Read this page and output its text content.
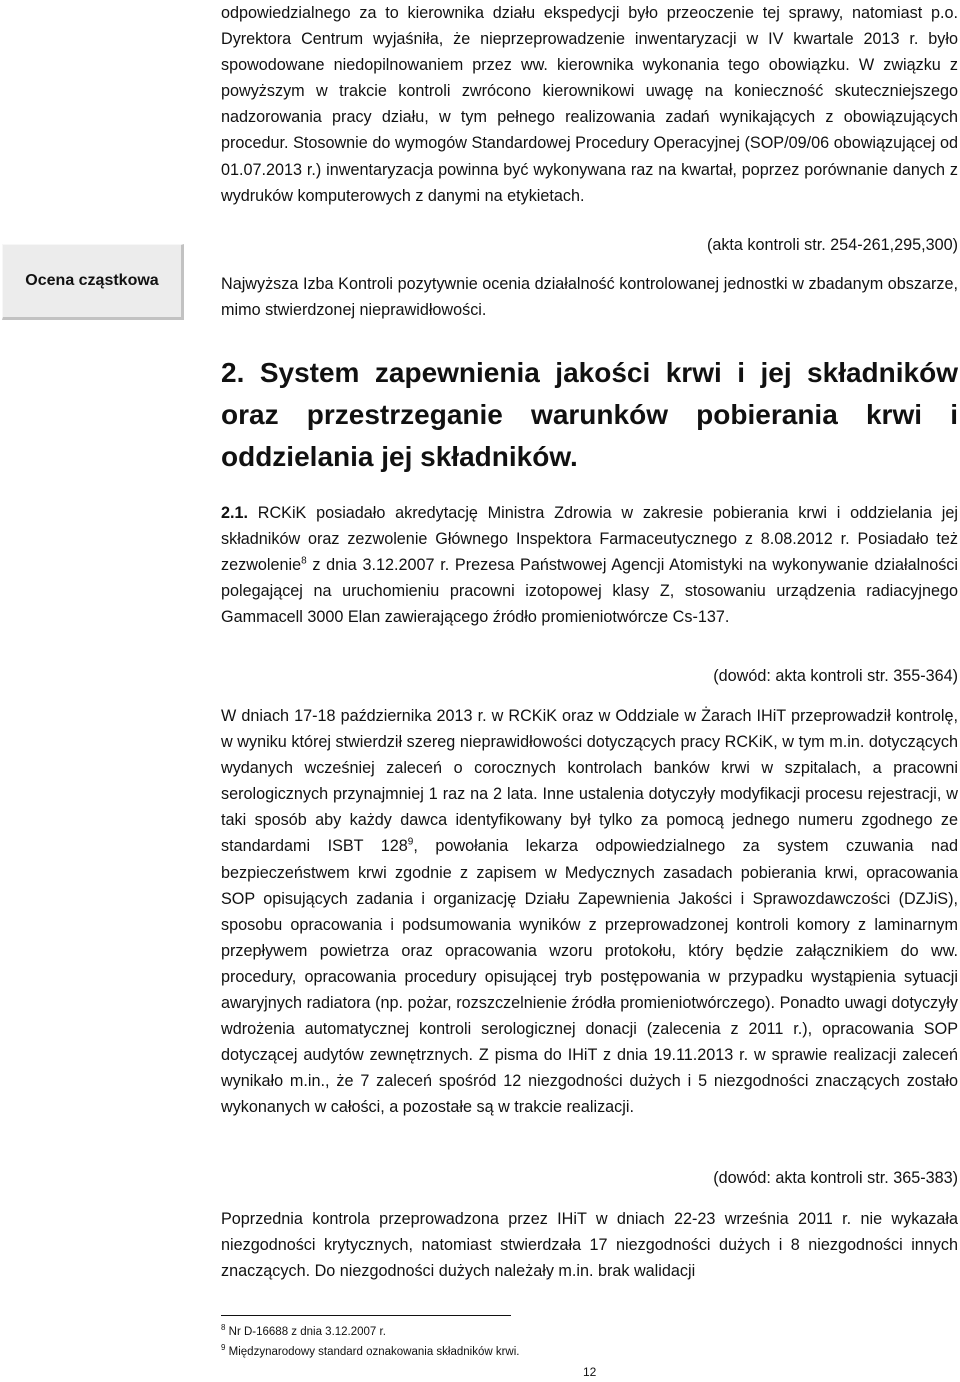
odpowiedzialnego za to kierownika działu ekspedycji było przeoczenie tej sprawy, natomiast p.o. Dyrektora Centrum wyjaśniła, że nieprzeprowadzenie inwentaryzacji w IV kwartale 2013 r. było spowodowane niedopilnowaniem przez ww. kierownika wykonania tego obowiązku. W związku z powyższym w trakcie kontroli zwrócono kierownikowi uwagę na konieczność skuteczniejszego nadzorowania pracy działu, w tym pełnego realizowania zadań wynikających z obowiązujących procedur. Stosownie do wymogów Standardowej Procedury Operacyjnej (SOP/09/06 obowiązującej od 01.07.2013 r.) inwentaryzacja powinna być wykonywana raz na kwartał, poprzez porównanie danych z wydruków komputerowych z danymi na etykietach.

(akta kontroli str. 254-261,295,300)

Ocena cząstkowa	Najwyższa Izba Kontroli pozytywnie ocenia działalność kontrolowanej jednostki w zbadanym obszarze, mimo stwierdzonej nieprawidłowości.

2. System zapewnienia jakości krwi i jej składników oraz przestrzeganie warunków pobierania krwi i oddzielania jej składników.

2.1. RCKiK posiadało akredytację Ministra Zdrowia w zakresie pobierania krwi i oddzielania jej składników oraz zezwolenie Głównego Inspektora Farmaceutycznego z 8.08.2012 r. Posiadało też zezwolenie$^8$ z dnia 3.12.2007 r. Prezesa Państwowej Agencji Atomistyki na wykonywanie działalności polegającej na uruchomieniu pracowni izotopowej klasy Z, stosowaniu urządzenia radiacyjnego Gammacell 3000 Elan zawierającego źródło promieniotwórcze Cs-137.

(dowód: akta kontroli str. 355-364)

W dniach 17-18 października 2013 r. w RCKiK oraz w Oddziale w Żarach IHiT przeprowadził kontrolę, w wyniku której stwierdził szereg nieprawidłowości dotyczących pracy RCKiK, w tym m.in. dotyczących wydanych wcześniej zaleceń o corocznych kontrolach banków krwi w szpitalach, a pracowni serologicznych przynajmniej 1 raz na 2 lata. Inne ustalenia dotyczyły modyfikacji procesu rejestracji, w taki sposób aby każdy dawca identyfikowany był tylko za pomocą jednego numeru zgodnego ze standardami ISBT $128^9$, powołania lekarza odpowiedzialnego za system czuwania nad bezpieczeństwem krwi zgodnie z zapisem w Medycznych zasadach pobierania krwi, opracowania SOP opisujących zadania i organizację Działu Zapewnienia Jakości i Sprawozdawczości (DZJiS), sposobu opracowania i podsumowania wyników z przeprowadzonej kontroli komory z laminarnym przepływem powietrza oraz opracowania wzoru protokołu, który będzie załącznikiem do ww. procedury, opracowania procedury opisującej tryb postępowania w przypadku wystąpienia sytuacji awaryjnych radiatora (np. pożar, rozszczelnienie źródła promieniotwórczego). Ponadto uwagi dotyczyły wdrożenia automatycznej kontroli serologicznej donacji (zalecenia z 2011 r.), opracowania SOP dotyczącej audytów zewnętrznych. Z pisma do IHiT z dnia 19.11.2013 r. w sprawie realizacji zaleceń wynikało m.in., że 7 zaleceń spośród 12 niezgodności dużych i 5 niezgodności znaczących zostało wykonanych w całości, a pozostałe są w trakcie realizacji.

(dowód: akta kontroli str. 365-383)

Poprzednia kontrola przeprowadzona przez IHiT w dniach 22-23 września 2011 r. nie wykazała niezgodności krytycznych, natomiast stwierdzała 17 niezgodności dużych i 8 niezgodności innych znaczących. Do niezgodności dużych należały m.in. brak walidacji

$^8$ Nr D-16688 z dnia 3.12.2007 r.

$^9$ Międzynarodowy standard oznakowania składników krwi.

12
